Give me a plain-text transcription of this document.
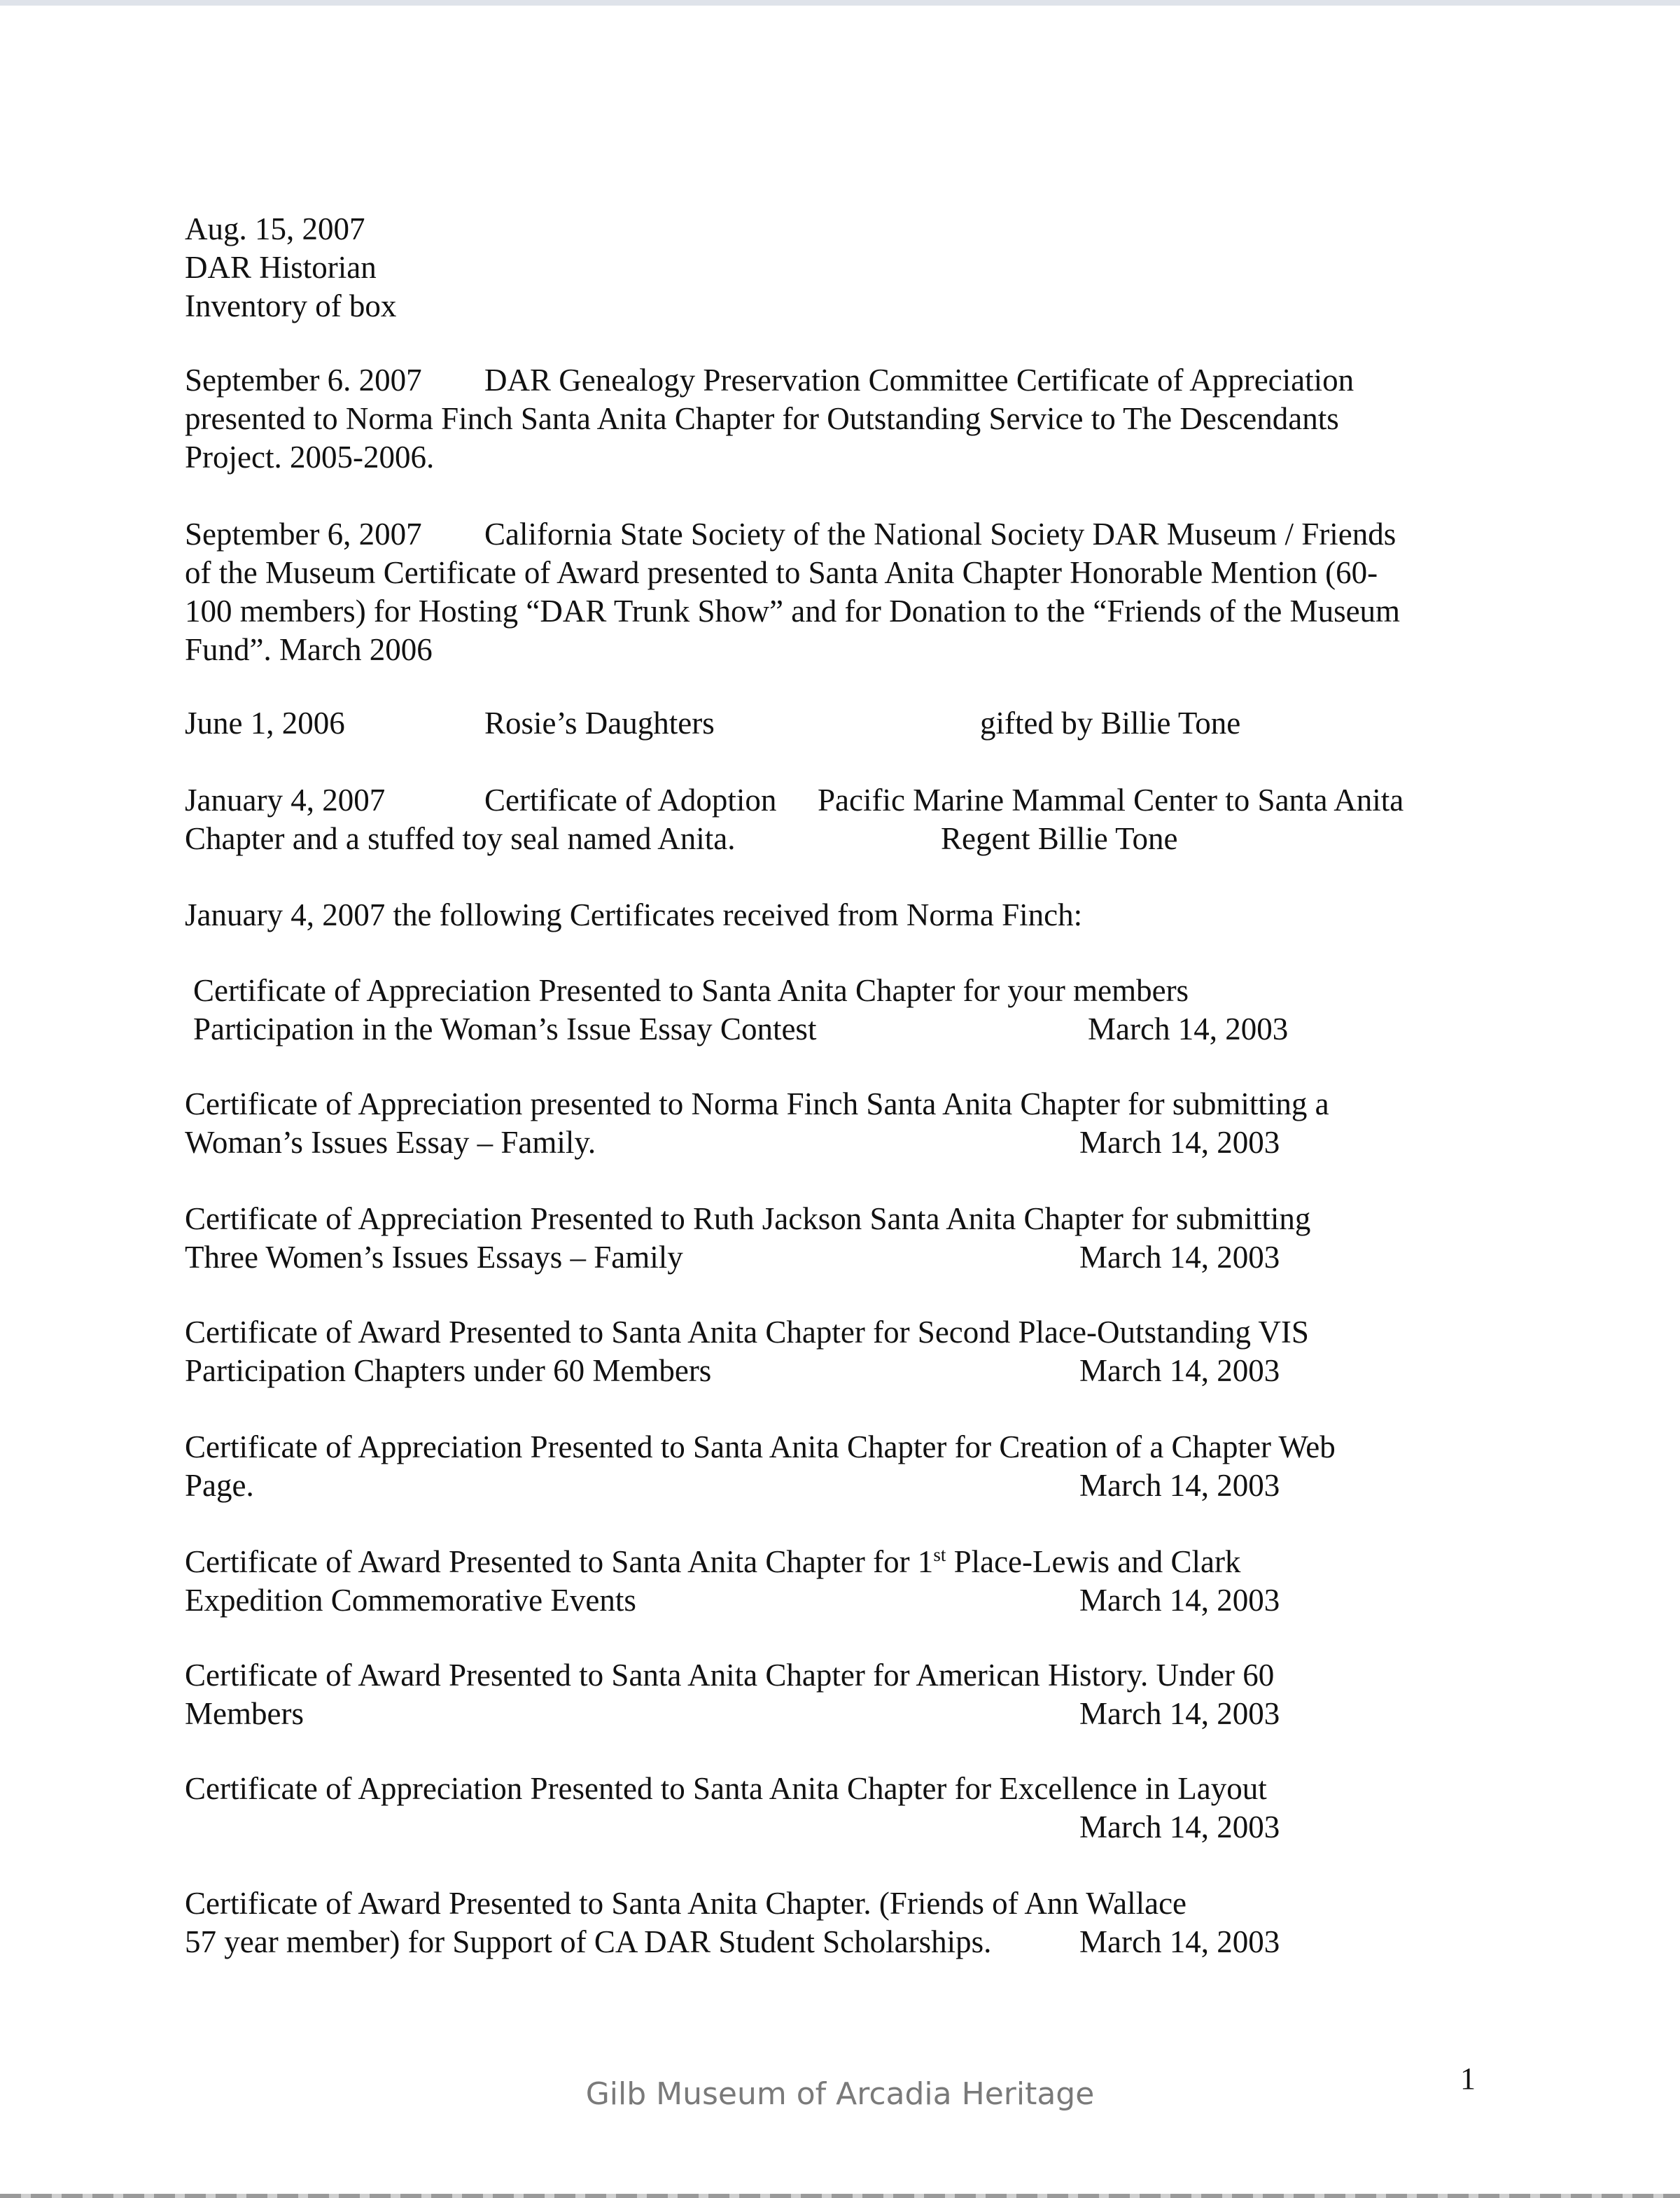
Aug. 15, 2007
DAR Historian
Inventory of box
September 6. 2007 DAR Genealogy Preservation Committee Certificate of Appreciation
presented to Norma Finch Santa Anita Chapter for Outstanding Service to The Descendants
Project. 2005-2006.
September 6, 2007 California State Society of the National Society DAR Museum / Friends
of the Museum Certificate of Award presented to Santa Anita Chapter Honorable Mention (60-
100 members) for Hosting “DAR Trunk Show” and for Donation to the “Friends of the Museum
Fund”. March 2006
June 1, 2006	Rosie’s Daughters	gifted by Billie Tone
January 4, 2007	Certificate of Adoption Pacific Marine Mammal Center to Santa Anita
Chapter and a stuffed toy seal named Anita.	Regent Billie Tone
January 4, 2007 the following Certificates received from Norma Finch:
Certificate of Appreciation Presented to Santa Anita Chapter for your members
Participation in the Woman’s Issue Essay Contest	March 14, 2003
Certificate of Appreciation presented to Norma Finch Santa Anita Chapter for submitting a
Woman’s Issues Essay – Family.	March 14, 2003
Certificate of Appreciation Presented to Ruth Jackson Santa Anita Chapter for submitting
Three Women’s Issues Essays – Family	March 14, 2003
Certificate of Award Presented to Santa Anita Chapter for Second Place-Outstanding VIS
Participation Chapters under 60 Members	March 14, 2003
Certificate of Appreciation Presented to Santa Anita Chapter for Creation of a Chapter Web
Page.	March 14, 2003
Certificate of Award Presented to Santa Anita Chapter for 1st Place-Lewis and Clark
Expedition Commemorative Events	March 14, 2003
Certificate of Award Presented to Santa Anita Chapter for American History. Under 60
Members	March 14, 2003
Certificate of Appreciation Presented to Santa Anita Chapter for Excellence in Layout
March 14, 2003
Certificate of Award Presented to Santa Anita Chapter. (Friends of Ann Wallace
57 year member) for Support of CA DAR Student Scholarships.	March 14, 2003
1
Gilb Museum of Arcadia Heritage
